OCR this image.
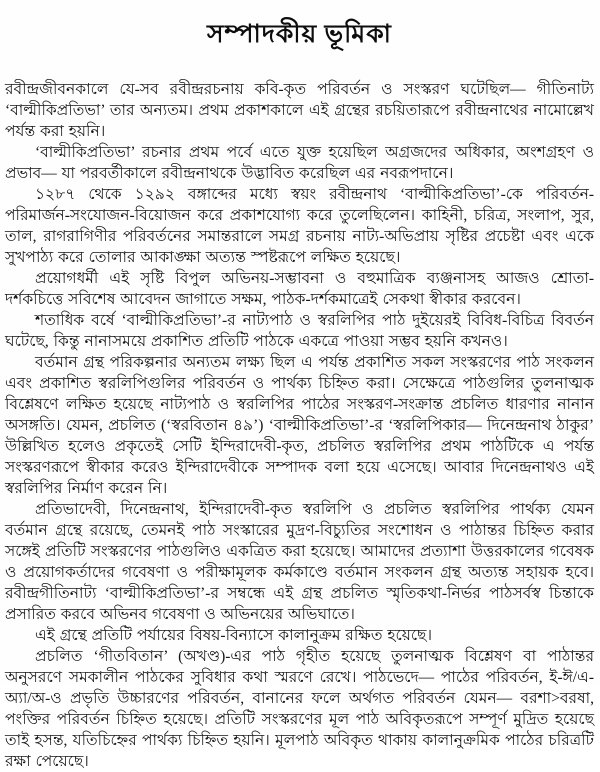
সম্পাদকীয় ভূমিকা

রবীন্দ্রজীবনকালে যে-সব রবীন্দ্ররচনায় কবি-কৃত পরিবর্তন ও সংস্করণ ঘটেছিল— গীতিনাট্য ‘বাল্মীকিপ্রতিভা’ তার অন্যতম। প্রথম প্রকাশকালে এই গ্রন্থের রচয়িতারূপে রবীন্দ্রনাথের নামোল্লেখ পর্যন্ত করা হয়নি।

‘বাল্মীকিপ্রতিভা’ রচনার প্রথম পর্বে এতে যুক্ত হয়েছিল অগ্রজদের অধিকার, অংশগ্রহণ ও প্রভাব— যা পরবর্তীকালে রবীন্দ্রনাথকে উদ্ভাবিত করেছিল এর নবরূপদানে।

১২৮৭ থেকে ১২৯২ বঙ্গাব্দের মধ্যে স্বয়ং রবীন্দ্রনাথ ‘বাল্মীকিপ্রতিভা’-কে পরিবর্তন-পরিমার্জন-সংযোজন-বিয়োজন করে প্রকাশযোগ্য করে তুলেছিলেন। কাহিনী, চরিত্র, সংলাপ, সুর, তাল, রাগরাগিণীর পরিবর্তনের সমান্তরালে সমগ্র রচনায় নাট্য-অভিপ্রায় সৃষ্টির প্রচেষ্টা এবং একে সুখপাঠ্য করে তোলার আকাঙ্ক্ষা অত্যন্ত স্পষ্টরূপে লক্ষিত হয়েছে।

প্রয়োগধর্মী এই সৃষ্টি বিপুল অভিনয়-সম্ভাবনা ও বহুমাত্রিক ব্যঞ্জনাসহ আজও শ্রোতা-দর্শকচিত্তে সবিশেষ আবেদন জাগাতে সক্ষম, পাঠক-দর্শকমাত্রেই সেকথা স্বীকার করবেন।

শতাধিক বর্ষে ‘বাল্মীকিপ্রতিভা’-র নাট্যপাঠ ও স্বরলিপির পাঠ দুইয়েরই বিবিধ-বিচিত্র বিবর্তন ঘটেছে, কিন্তু নানাসময়ে প্রকাশিত প্রতিটি পাঠকে একত্রে পাওয়া সম্ভব হয়নি কখনও।

বর্তমান গ্রন্থ পরিকল্পনার অন্যতম লক্ষ্য ছিল এ পর্যন্ত প্রকাশিত সকল সংস্করণের পাঠ সংকলন এবং প্রকাশিত স্বরলিপিগুলির পরিবর্তন ও পার্থক্য চিহ্নিত করা। সেক্ষেত্রে পাঠগুলির তুলনাত্মক বিশ্লেষণে লক্ষিত হয়েছে নাট্যপাঠ ও স্বরলিপির পাঠের সংস্করণ-সংক্রান্ত প্রচলিত ধারণার নানান অসঙ্গতি। যেমন, প্রচলিত (‘স্বরবিতান ৪৯’) ‘বাল্মীকিপ্রতিভা’-র ‘স্বরলিপিকার— দিনেন্দ্রনাথ ঠাকুর’ উল্লিখিত হলেও প্রকৃতেই সেটি ইন্দিরাদেবী-কৃত, প্রচলিত স্বরলিপির প্রথম পাঠটিকে এ পর্যন্ত সংস্করণরূপে স্বীকার করেও ইন্দিরাদেবীকে সম্পাদক বলা হয়ে এসেছে। আবার দিনেন্দ্রনাথও এই স্বরলিপির নির্মাণ করেন নি।

প্রতিভাদেবী, দিনেন্দ্রনাথ, ইন্দিরাদেবী-কৃত স্বরলিপি ও প্রচলিত স্বরলিপির পার্থক্য যেমন বর্তমান গ্রন্থে রয়েছে, তেমনই পাঠ সংস্কারের মুদ্রণ-বিচ্যুতির সংশোধন ও পাঠান্তর চিহ্নিত করার সঙ্গেই প্রতিটি সংস্করণের পাঠগুলিও একত্রিত করা হয়েছে। আমাদের প্রত্যাশা উত্তরকালের গবেষক ও প্রয়োগকর্তাদের গবেষণা ও পরীক্ষামূলক কর্মকাণ্ডে বর্তমান সংকলন গ্রন্থ অত্যন্ত সহায়ক হবে। রবীন্দ্রগীতিনাট্য ‘বাল্মীকিপ্রতিভা’-র সম্বন্ধে এই গ্রন্থ প্রচলিত স্মৃতিকথা-নির্ভর পাঠসর্বস্ব চিন্তাকে প্রসারিত করবে অভিনব গবেষণা ও অভিনয়ের অভিঘাতে।

এই গ্রন্থে প্রতিটি পর্যায়ের বিষয়-বিন্যাসে কালানুক্রম রক্ষিত হয়েছে।

প্রচলিত ‘গীতবিতান’ (অখণ্ড)-এর পাঠ গৃহীত হয়েছে তুলনাত্মক বিশ্লেষণ বা পাঠান্তর অনুসরণে সমকালীন পাঠকের সুবিধার কথা স্মরণে রেখে। পাঠভেদে— পাঠের পরিবর্তন, ই-ঈ/এ-অ্যা/অ-ও প্রভৃতি উচ্চারণের পরিবর্তন, বানানের ফলে অর্থগত পরিবর্তন যেমন— বরশা>বরষা, পংক্তির পরিবর্তন চিহ্নিত হয়েছে। প্রতিটি সংস্করণের মূল পাঠ অবিকৃতরূপে সম্পূর্ণ মুদ্রিত হয়েছে তাই হসন্ত, যতিচিহ্নের পার্থক্য চিহ্নিত হয়নি। মূলপাঠ অবিকৃত থাকায় কালানুক্রমিক পাঠের চরিত্রটি রক্ষা পেয়েছে।
